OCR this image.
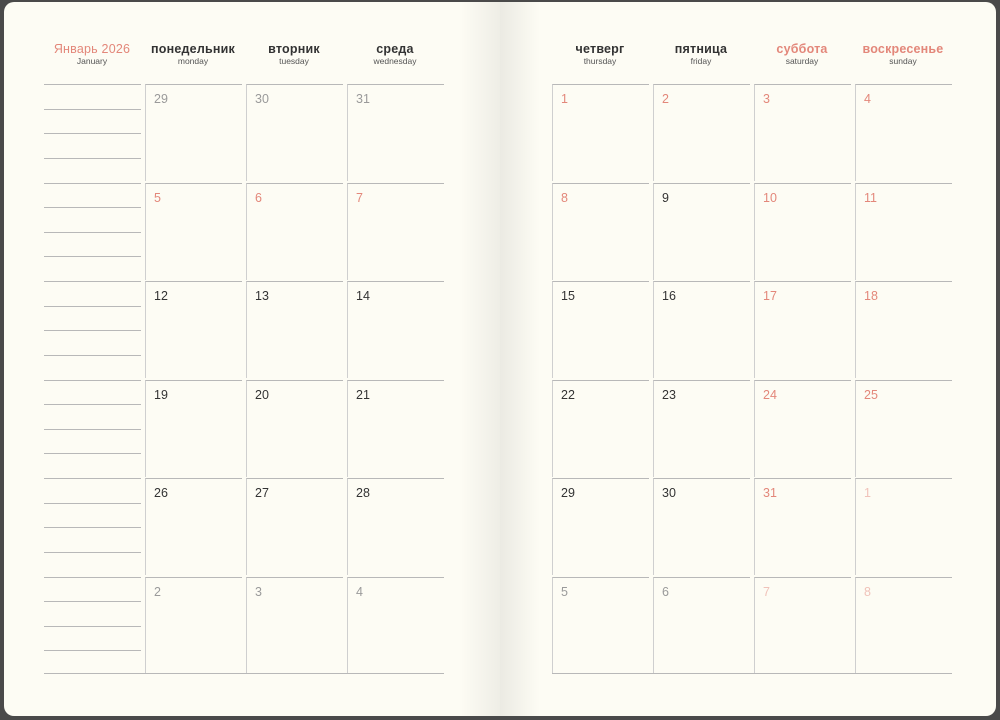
Январь 2026
January
понедельник
monday
вторник
tuesday
среда
wednesday
29	30	31
5	6	7
12	13	14
19	20	21
26	27	28
2	3	4
четверг
thursday
пятница
friday
суббота
saturday
воскресенье
sunday
1	2	3	4
8	9	10	11
15	16	17	18
22	23	24	25
29	30	31	1
5	6	7	8
